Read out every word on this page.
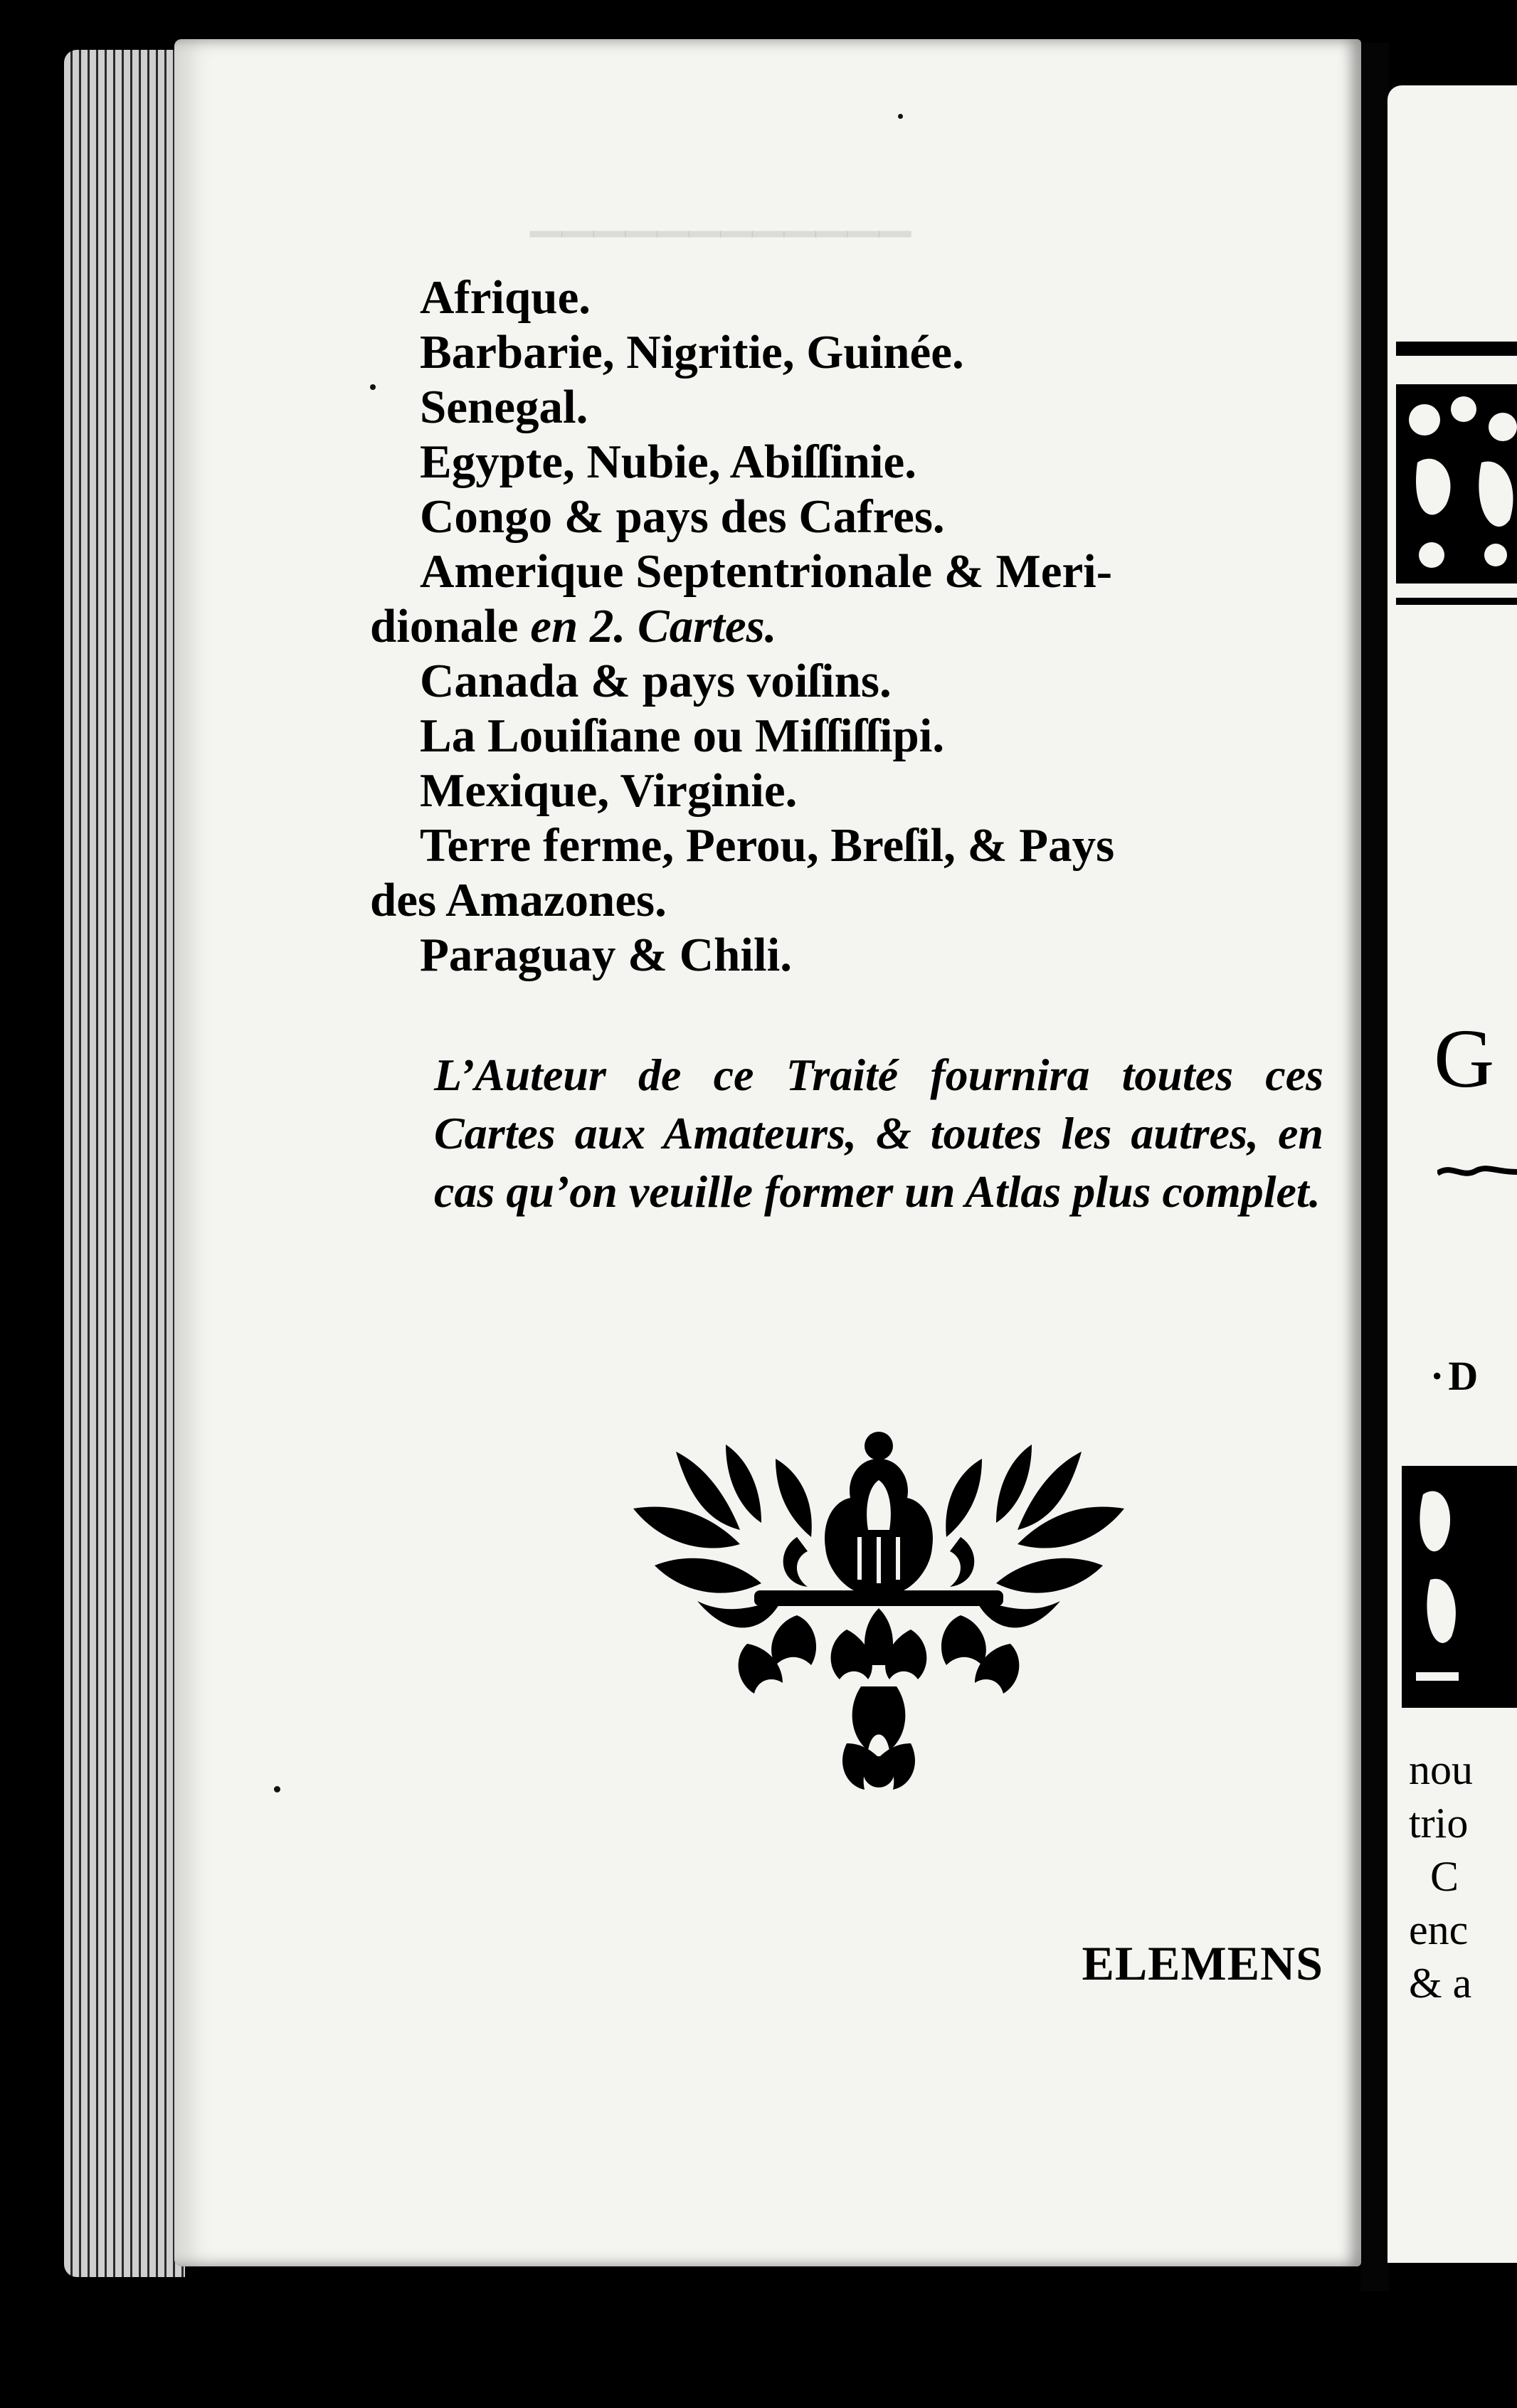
▁▁▁▁▁▁▁▁▁▁▁▁
Afrique.
Barbarie, Nigritie, Guinée.
Senegal.
Egypte, Nubie, Abiſſinie.
Congo & pays des Cafres.
Amerique Septentrionale & Meri-
dionale en 2. Cartes.
Canada & pays voiſins.
La Louiſiane ou Miſſiſſipi.
Mexique, Virginie.
Terre ferme, Perou, Breſil, & Pays
des Amazones.
Paraguay & Chili.

L’Auteur de ce Traité fournira toutes ces Cartes aux Amateurs, & toutes les autres, en cas qu’on veuille former un Atlas plus complet.

ELEMENS
G
·D
nou
trio
C
enc
& a
